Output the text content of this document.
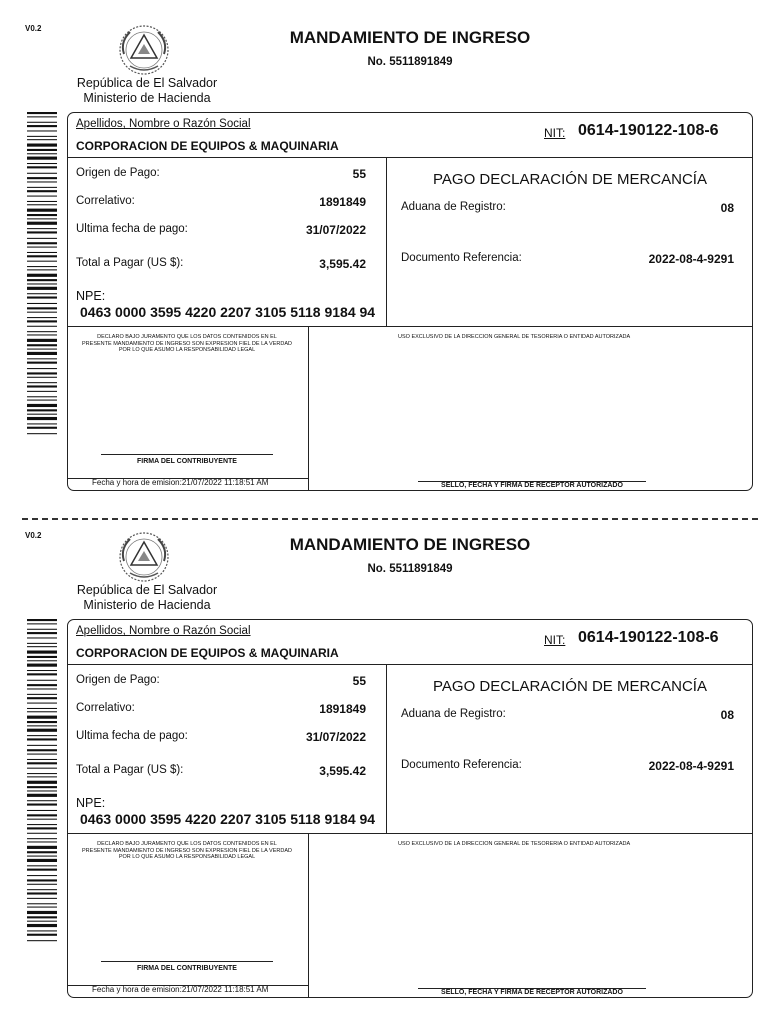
V0.2
República de El Salvador
Ministerio de Hacienda
MANDAMIENTO DE INGRESO
No. 5511891849
Apellidos, Nombre o Razón Social
CORPORACION DE EQUIPOS & MAQUINARIA
NIT: 0614-190122-108-6
Origen de Pago:	55
Correlativo:	1891849
Ultima fecha de pago:	31/07/2022
Total a Pagar (US $):	3,595.42
NPE:
0463 0000 3595 4220 2207 3105 5118 9184 94
PAGO DECLARACIÓN DE MERCANCÍA
Aduana de Registro:	08
Documento Referencia:	2022-08-4-9291
DECLARO BAJO JURAMENTO QUE LOS DATOS CONTENIDOS EN EL PRESENTE MANDAMIENTO DE INGRESO SON EXPRESION FIEL DE LA VERDAD POR LO QUE ASUMO LA RESPONSABILIDAD LEGAL
USO EXCLUSIVO DE LA DIRECCION GENERAL DE TESORERIA O ENTIDAD AUTORIZADA
FIRMA DEL CONTRIBUYENTE
Fecha y hora de emision:21/07/2022 11:18:51 AM	SELLO, FECHA Y FIRMA DE RECEPTOR AUTORIZADO
V0.2
República de El Salvador
Ministerio de Hacienda
MANDAMIENTO DE INGRESO
No. 5511891849
Apellidos, Nombre o Razón Social
CORPORACION DE EQUIPOS & MAQUINARIA
NIT: 0614-190122-108-6
Origen de Pago:	55
Correlativo:	1891849
Ultima fecha de pago:	31/07/2022
Total a Pagar (US $):	3,595.42
NPE:
0463 0000 3595 4220 2207 3105 5118 9184 94
PAGO DECLARACIÓN DE MERCANCÍA
Aduana de Registro:	08
Documento Referencia:	2022-08-4-9291
DECLARO BAJO JURAMENTO QUE LOS DATOS CONTENIDOS EN EL PRESENTE MANDAMIENTO DE INGRESO SON EXPRESION FIEL DE LA VERDAD POR LO QUE ASUMO LA RESPONSABILIDAD LEGAL
USO EXCLUSIVO DE LA DIRECCION GENERAL DE TESORERIA O ENTIDAD AUTORIZADA
FIRMA DEL CONTRIBUYENTE
Fecha y hora de emision:21/07/2022 11:18:51 AM	SELLO, FECHA Y FIRMA DE RECEPTOR AUTORIZADO
